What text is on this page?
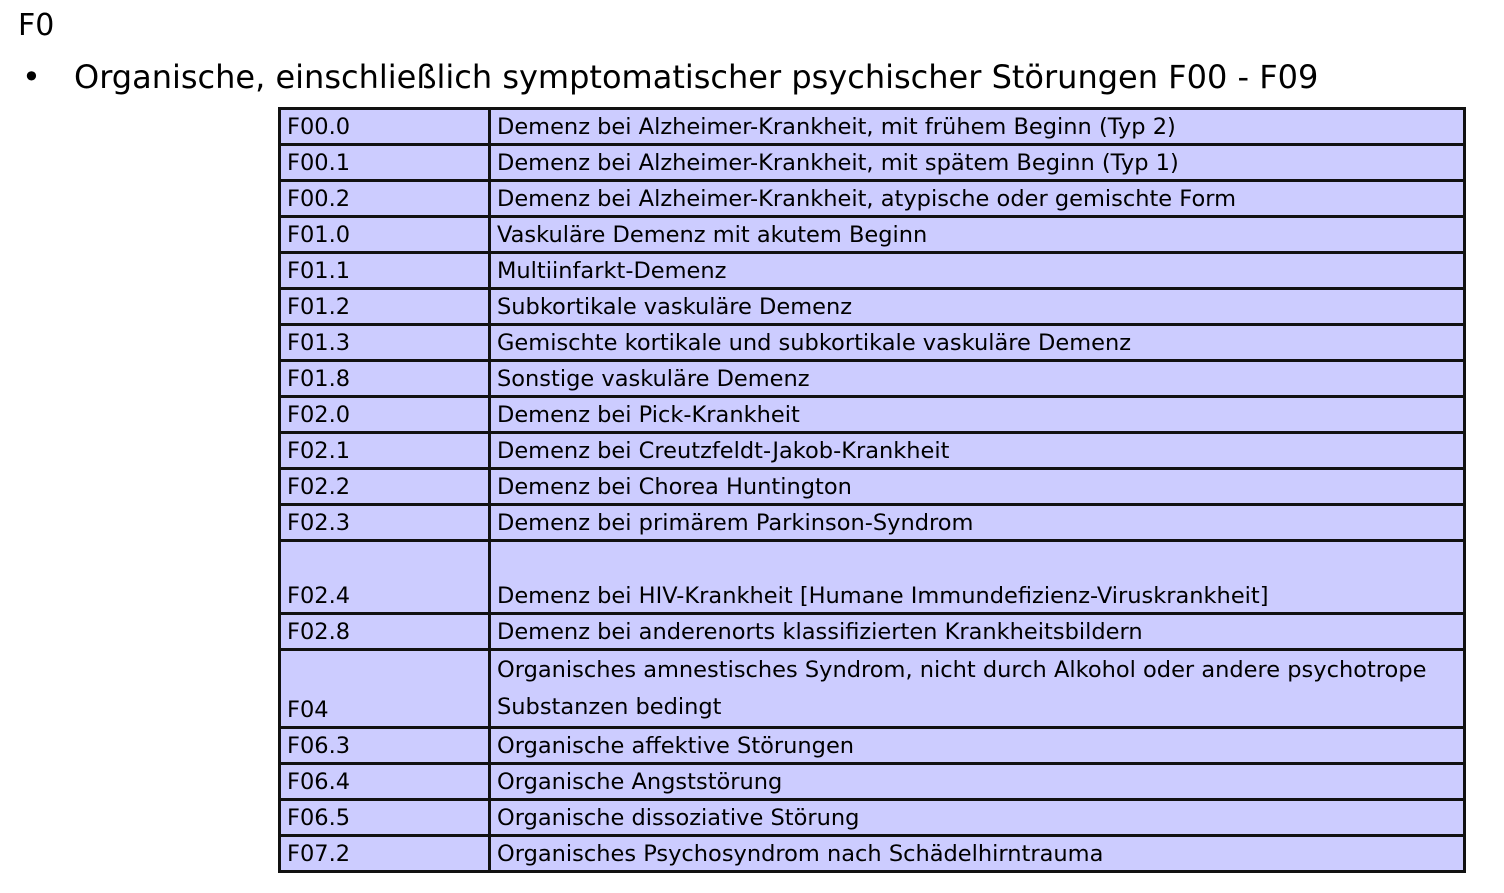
F0
• Organische, einschließlich symptomatischer psychischer Störungen F00 - F09
F00.0	Demenz bei Alzheimer-Krankheit, mit frühem Beginn (Typ 2)
F00.1	Demenz bei Alzheimer-Krankheit, mit spätem Beginn (Typ 1)
F00.2	Demenz bei Alzheimer-Krankheit, atypische oder gemischte Form
F01.0	Vaskuläre Demenz mit akutem Beginn
F01.1	Multiinfarkt-Demenz
F01.2	Subkortikale vaskuläre Demenz
F01.3	Gemischte kortikale und subkortikale vaskuläre Demenz
F01.8	Sonstige vaskuläre Demenz
F02.0	Demenz bei Pick-Krankheit
F02.1	Demenz bei Creutzfeldt-Jakob-Krankheit
F02.2	Demenz bei Chorea Huntington
F02.3	Demenz bei primärem Parkinson-Syndrom
F02.4	Demenz bei HIV-Krankheit [Humane Immundefizienz-Viruskrankheit]
F02.8	Demenz bei anderenorts klassifizierten Krankheitsbildern
F04	Organisches amnestisches Syndrom, nicht durch Alkohol oder andere psychotrope Substanzen bedingt
F06.3	Organische affektive Störungen
F06.4	Organische Angststörung
F06.5	Organische dissoziative Störung
F07.2	Organisches Psychosyndrom nach Schädelhirntrauma
